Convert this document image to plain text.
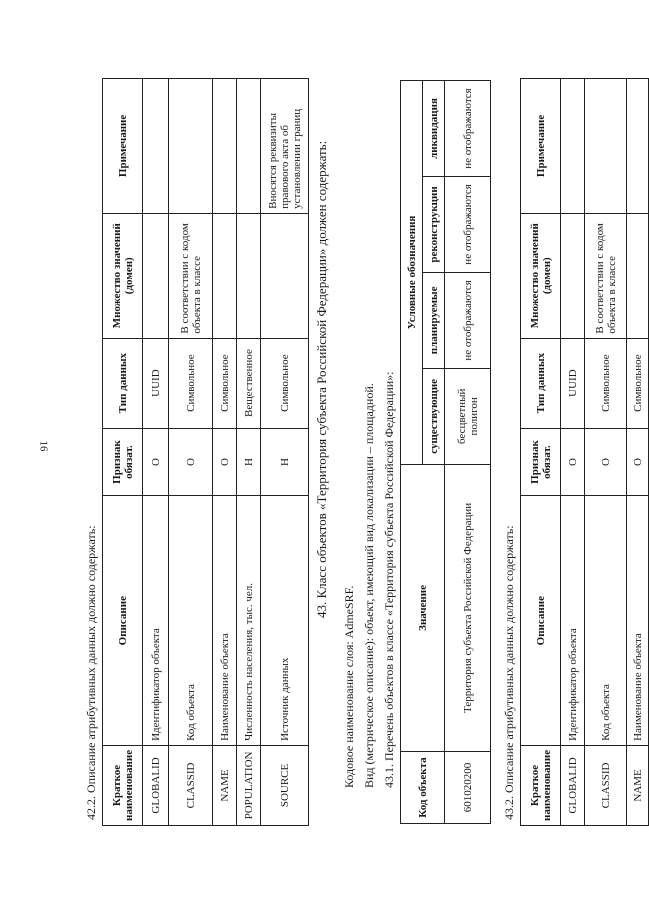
16
42.2. Описание атрибутивных данных должно содержать: Краткое наименование	Описание	Признак обязат.	Тип данных	Множество значений (домен)	Примечание
GLOBALID	Идентификатор объекта	О	UUID		
CLASSID	Код объекта	О	Символьное	В соответствии с кодом объекта в классе	
NAME	Наименование объекта	О	Символьное		
POPULATION	Численность населения, тыс. чел.	Н	Вещественное		
SOURCE	Источник данных	Н	Символьное		Вносятся реквизиты правового акта об установлении границ 43. Класс объектов «Территория субъекта Российской Федерации» должен содержать:
Кодовое наименование слоя: AdmeSRF. Вид (метрическое описание): объект, имеющий вид локализации – площадной. 43.1. Перечень объектов в классе «Территория субъекта Российской Федерации»: Код объекта	Значение	Условные обозначения			
		существующие	планируемые	реконструкции	ликвидация
601020200	Территория субъекта Российской Федерации	бесцветный полигон	не отображаются	не отображаются	не отображаются
43.2. Описание атрибутивных данных должно содержать: Краткое наименование	Описание	Признак обязат.	Тип данных	Множество значений (домен)	Примечание
GLOBALID	Идентификатор объекта	О	UUID		
CLASSID	Код объекта	О	Символьное	В соответствии с кодом объекта в классе	
NAME	Наименование объекта	О	Символьное		
